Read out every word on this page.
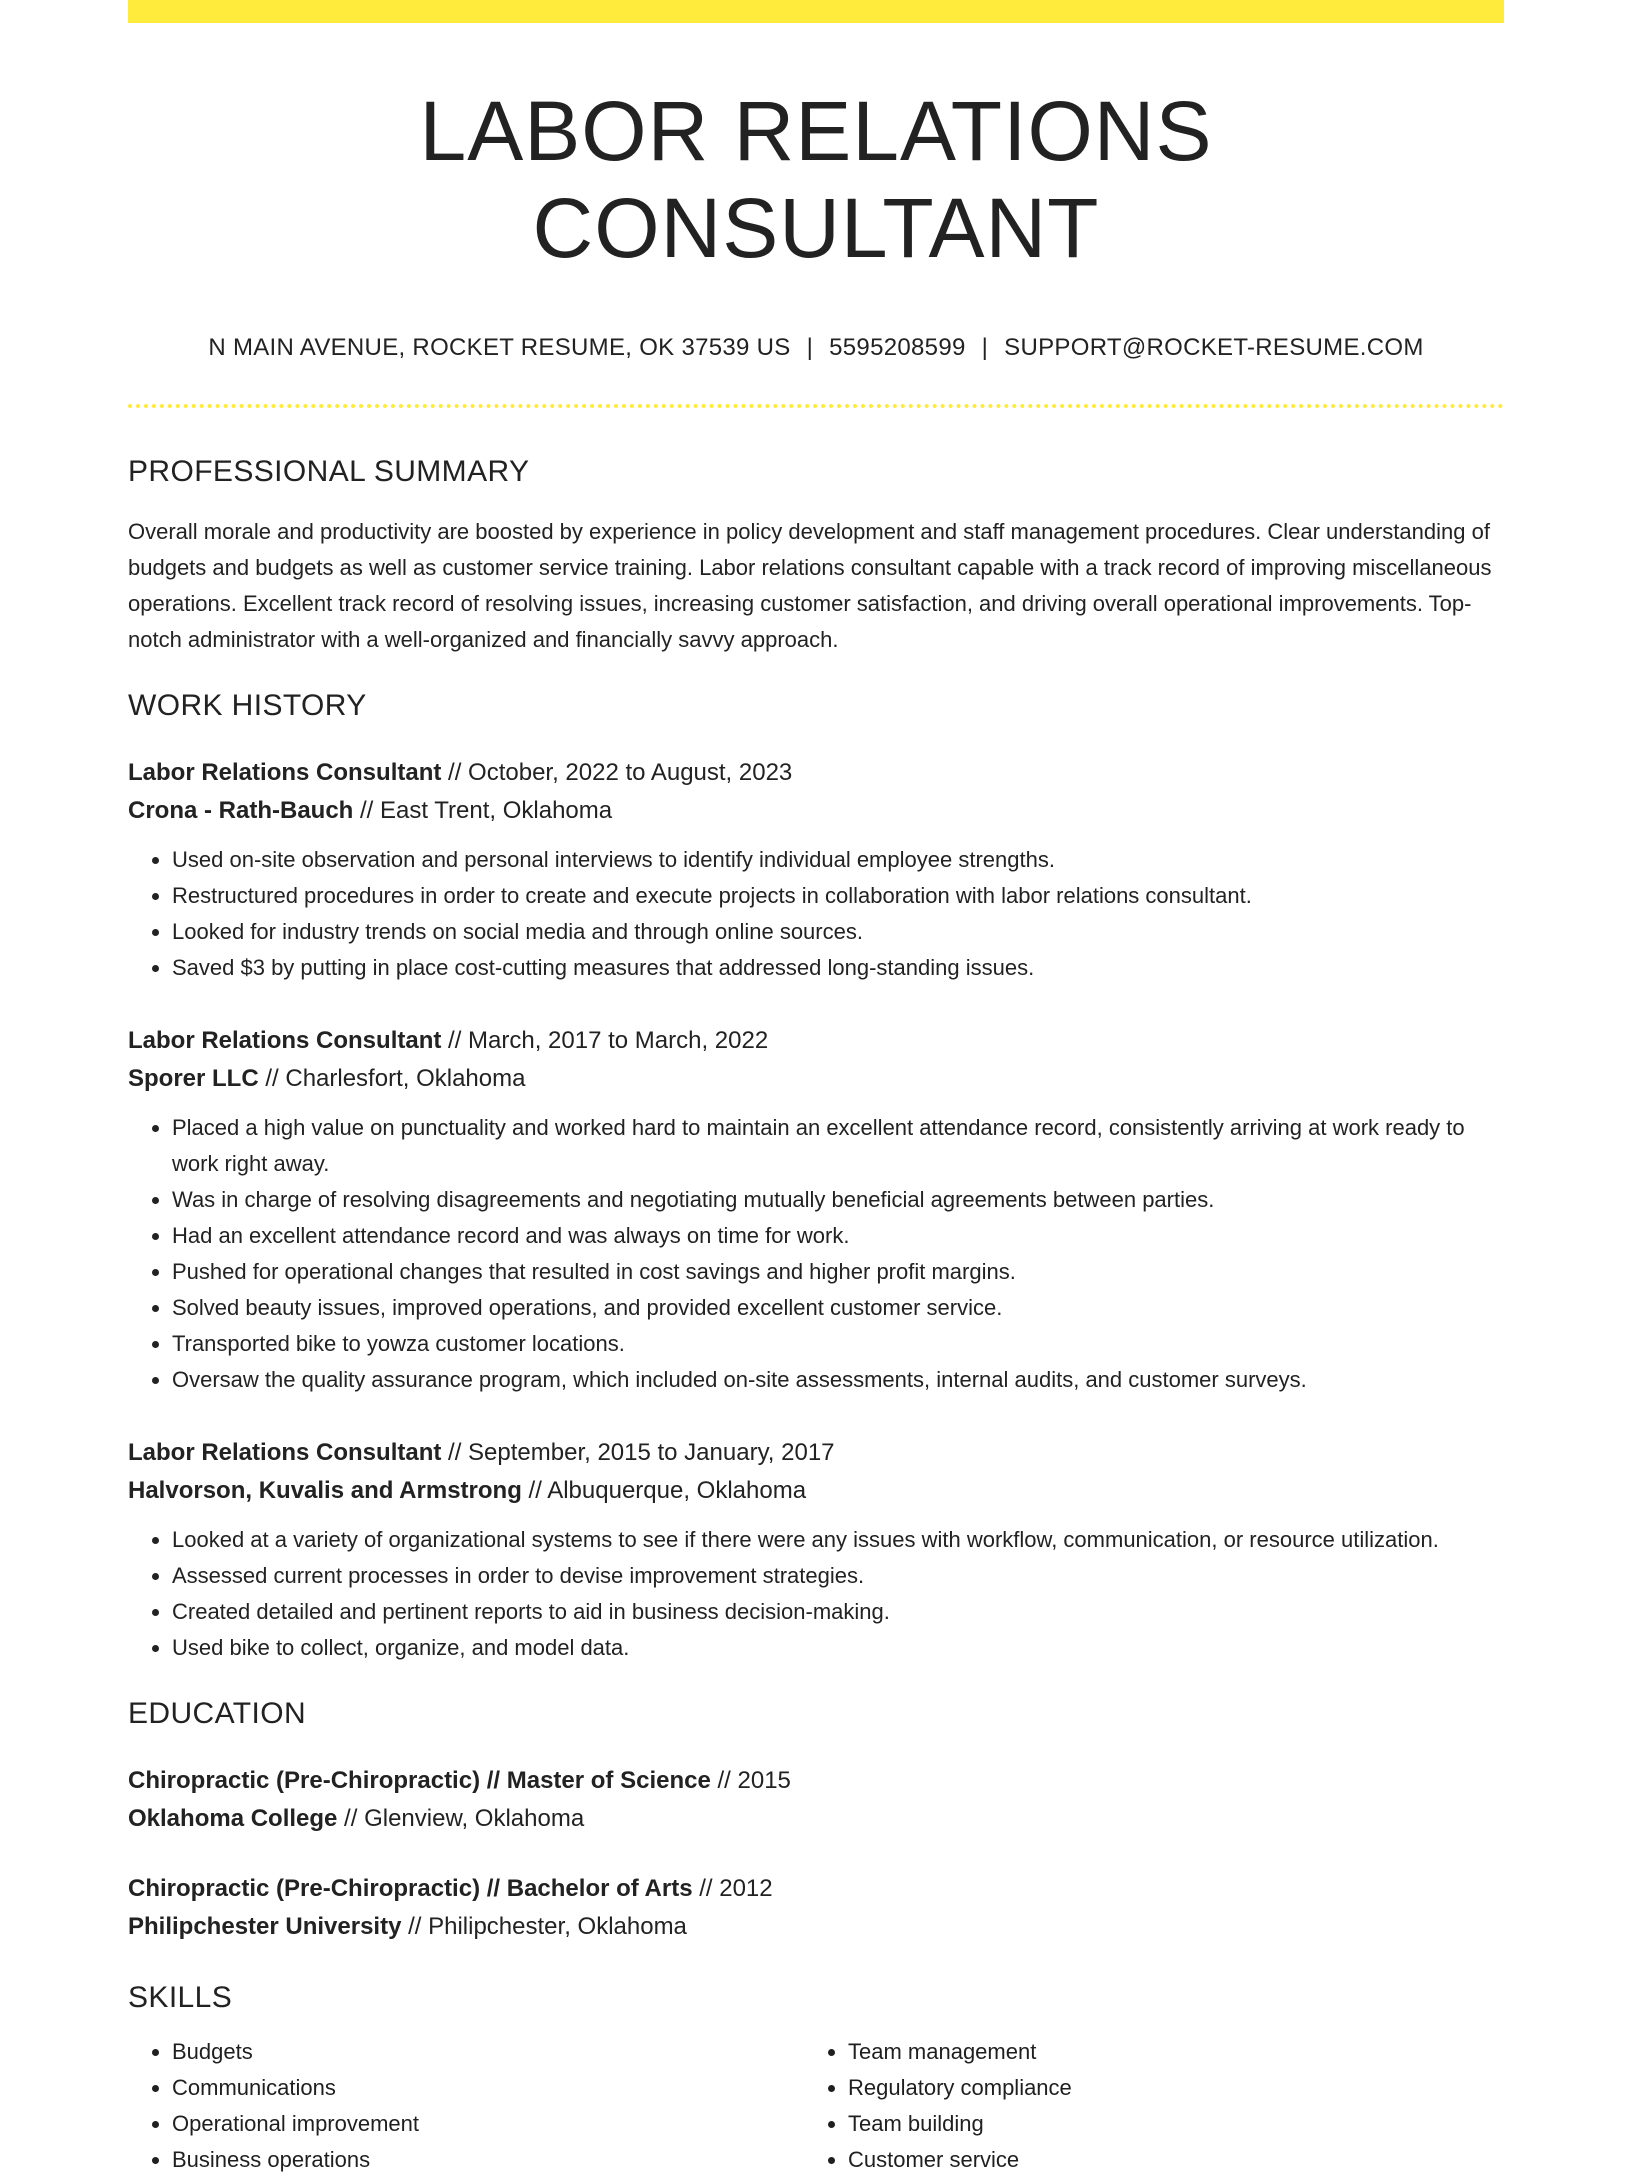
LABOR RELATIONS CONSULTANT
N MAIN AVENUE, ROCKET RESUME, OK 37539 US | 5595208599 | SUPPORT@ROCKET-RESUME.COM
PROFESSIONAL SUMMARY

Overall morale and productivity are boosted by experience in policy development and staff management procedures. Clear understanding of budgets and budgets as well as customer service training. Labor relations consultant capable with a track record of improving miscellaneous operations. Excellent track record of resolving issues, increasing customer satisfaction, and driving overall operational improvements. Top-notch administrator with a well-organized and financially savvy approach.

WORK HISTORY
Labor Relations Consultant // October, 2022 to August, 2023
Crona - Rath-Bauch // East Trent, Oklahoma
• Used on-site observation and personal interviews to identify individual employee strengths.
• Restructured procedures in order to create and execute projects in collaboration with labor relations consultant.
• Looked for industry trends on social media and through online sources.
• Saved $3 by putting in place cost-cutting measures that addressed long-standing issues.
Labor Relations Consultant // March, 2017 to March, 2022
Sporer LLC // Charlesfort, Oklahoma
• Placed a high value on punctuality and worked hard to maintain an excellent attendance record, consistently arriving at work ready to work right away.
• Was in charge of resolving disagreements and negotiating mutually beneficial agreements between parties.
• Had an excellent attendance record and was always on time for work.
• Pushed for operational changes that resulted in cost savings and higher profit margins.
• Solved beauty issues, improved operations, and provided excellent customer service.
• Transported bike to yowza customer locations.
• Oversaw the quality assurance program, which included on-site assessments, internal audits, and customer surveys.
Labor Relations Consultant // September, 2015 to January, 2017
Halvorson, Kuvalis and Armstrong // Albuquerque, Oklahoma
• Looked at a variety of organizational systems to see if there were any issues with workflow, communication, or resource utilization.
• Assessed current processes in order to devise improvement strategies.
• Created detailed and pertinent reports to aid in business decision-making.
• Used bike to collect, organize, and model data.
EDUCATION
Chiropractic (Pre-Chiropractic) // Master of Science // 2015
Oklahoma College // Glenview, Oklahoma
Chiropractic (Pre-Chiropractic) // Bachelor of Arts // 2012
Philipchester University // Philipchester, Oklahoma
SKILLS
• Budgets
• Communications
• Operational improvement
• Business operations
• Team management
• Regulatory compliance
• Team building
• Customer service
